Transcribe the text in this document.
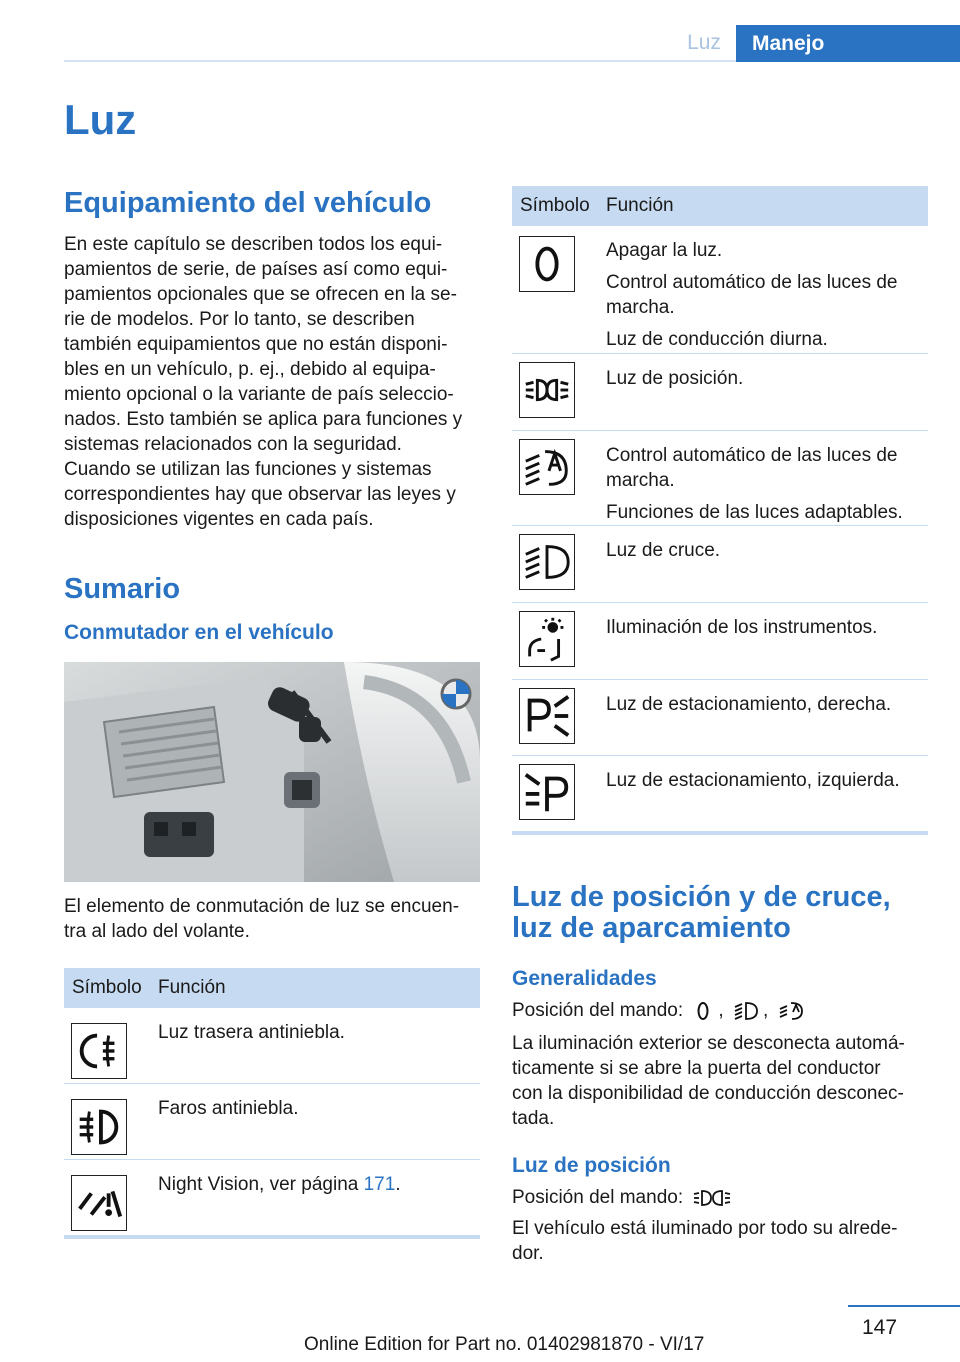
Luz	Manejo
Luz
Equipamiento del vehículo
En este capítulo se describen todos los equi-
pamientos de serie, de países así como equi-
pamientos opcionales que se ofrecen en la se-
rie de modelos. Por lo tanto, se describen
también equipamientos que no están disponi-
bles en un vehículo, p. ej., debido al equipa-
miento opcional o la variante de país seleccio-
nados. Esto también se aplica para funciones y
sistemas relacionados con la seguridad.
Cuando se utilizan las funciones y sistemas
correspondientes hay que observar las leyes y
disposiciones vigentes en cada país.
Sumario
Conmutador en el vehículo
El elemento de conmutación de luz se encuen-
tra al lado del volante.
Símbolo Función
Luz trasera antiniebla.
Faros antiniebla.
Night Vision, ver página 171.
Símbolo Función
Apagar la luz.
Control automático de las luces de marcha.
Luz de conducción diurna.
Luz de posición.
Control automático de las luces de marcha.
Funciones de las luces adaptables.
Luz de cruce.
Iluminación de los instrumentos.
Luz de estacionamiento, derecha.
Luz de estacionamiento, izquierda.
Luz de posición y de cruce,
luz de aparcamiento
Generalidades
Posición del mando: , ,
La iluminación exterior se desconecta automá-
ticamente si se abre la puerta del conductor
con la disponibilidad de conducción desconec-
tada.
Luz de posición
Posición del mando:
El vehículo está iluminado por todo su alrede-
dor.
147
Online Edition for Part no. 01402981870 - VI/17
